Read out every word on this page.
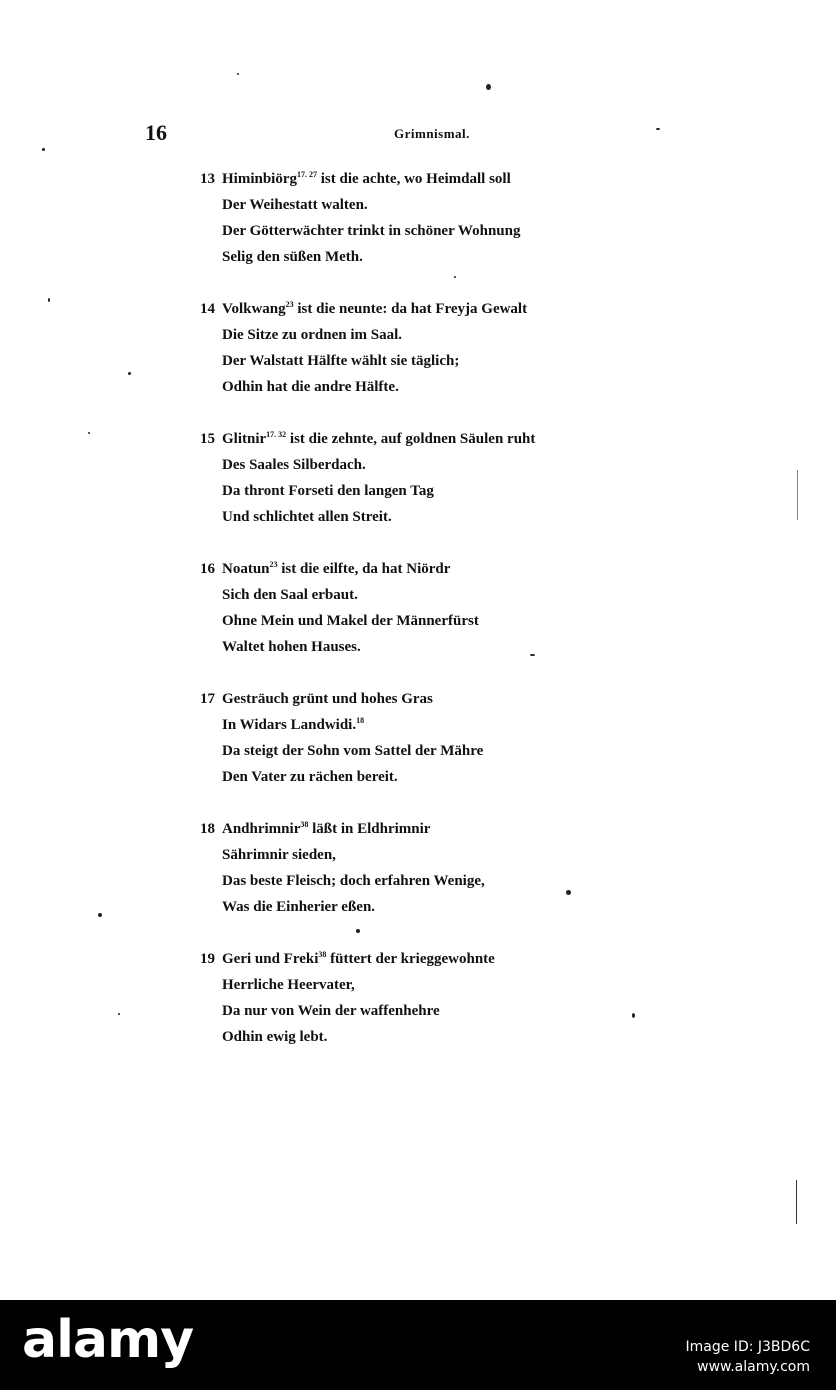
16	Grimnismal.
13 Himinbiörg$^{17. 27}$ ist die achte, wo Heimdall soll
Der Weihestatt walten.
Der Götterwächter trinkt in schöner Wohnung
Selig den süßen Meth.
14 Volkwang$^{23}$ ist die neunte: da hat Freyja Gewalt
Die Sitze zu ordnen im Saal.
Der Walstatt Hälfte wählt sie täglich;
Odhin hat die andre Hälfte.
15 Glitnir$^{17. 32}$ ist die zehnte, auf goldnen Säulen ruht
Des Saales Silberdach.
Da thront Forseti den langen Tag
Und schlichtet allen Streit.
16 Noatun$^{23}$ ist die eilfte, da hat Niördr
Sich den Saal erbaut.
Ohne Mein und Makel der Männerfürst
Waltet hohen Hauses.
17 Gesträuch grünt und hohes Gras
In Widars Landwidi.$^{18}$
Da steigt der Sohn vom Sattel der Mähre
Den Vater zu rächen bereit.
18 Andhrimnir$^{38}$ läßt in Eldhrimnir
Sährimnir sieden,
Das beste Fleisch; doch erfahren Wenige,
Was die Einherier eßen.
19 Geri und Freki$^{38}$ füttert der krieggewohnte
Herrliche Heervater,
Da nur von Wein der waffenhehre
Odhin ewig lebt.
alamy	Image ID: J3BD6C
www.alamy.com
